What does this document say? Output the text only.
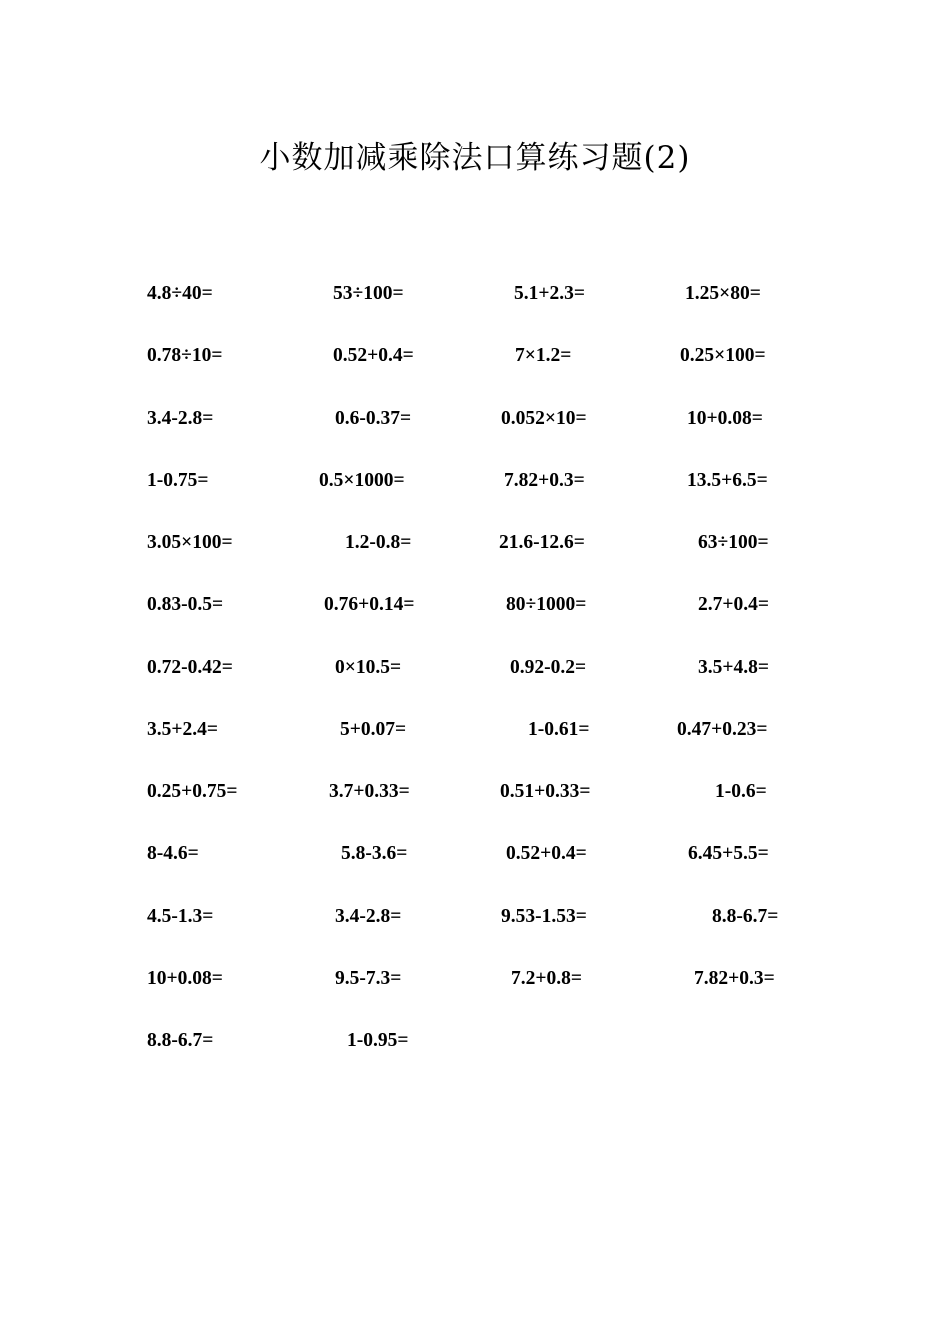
小数加减乘除法口算练习题(2)
4.8÷40=	53÷100=	5.1+2.3=	1.25×80=
0.78÷10=	0.52+0.4=	7×1.2=	0.25×100=
3.4-2.8=	0.6-0.37=	0.052×10=	10+0.08=
1-0.75=	0.5×1000=	7.82+0.3=	13.5+6.5=
3.05×100=	1.2-0.8=	21.6-12.6=	63÷100=
0.83-0.5=	0.76+0.14=	80÷1000=	2.7+0.4=
0.72-0.42=	0×10.5=	0.92-0.2=	3.5+4.8=
3.5+2.4=	5+0.07=	1-0.61=	0.47+0.23=
0.25+0.75=	3.7+0.33=	0.51+0.33=	1-0.6=
8-4.6=	5.8-3.6=	0.52+0.4=	6.45+5.5=
4.5-1.3=	3.4-2.8=	9.53-1.53=	8.8-6.7=
10+0.08=	9.5-7.3=	7.2+0.8=	7.82+0.3=
8.8-6.7=	1-0.95=
